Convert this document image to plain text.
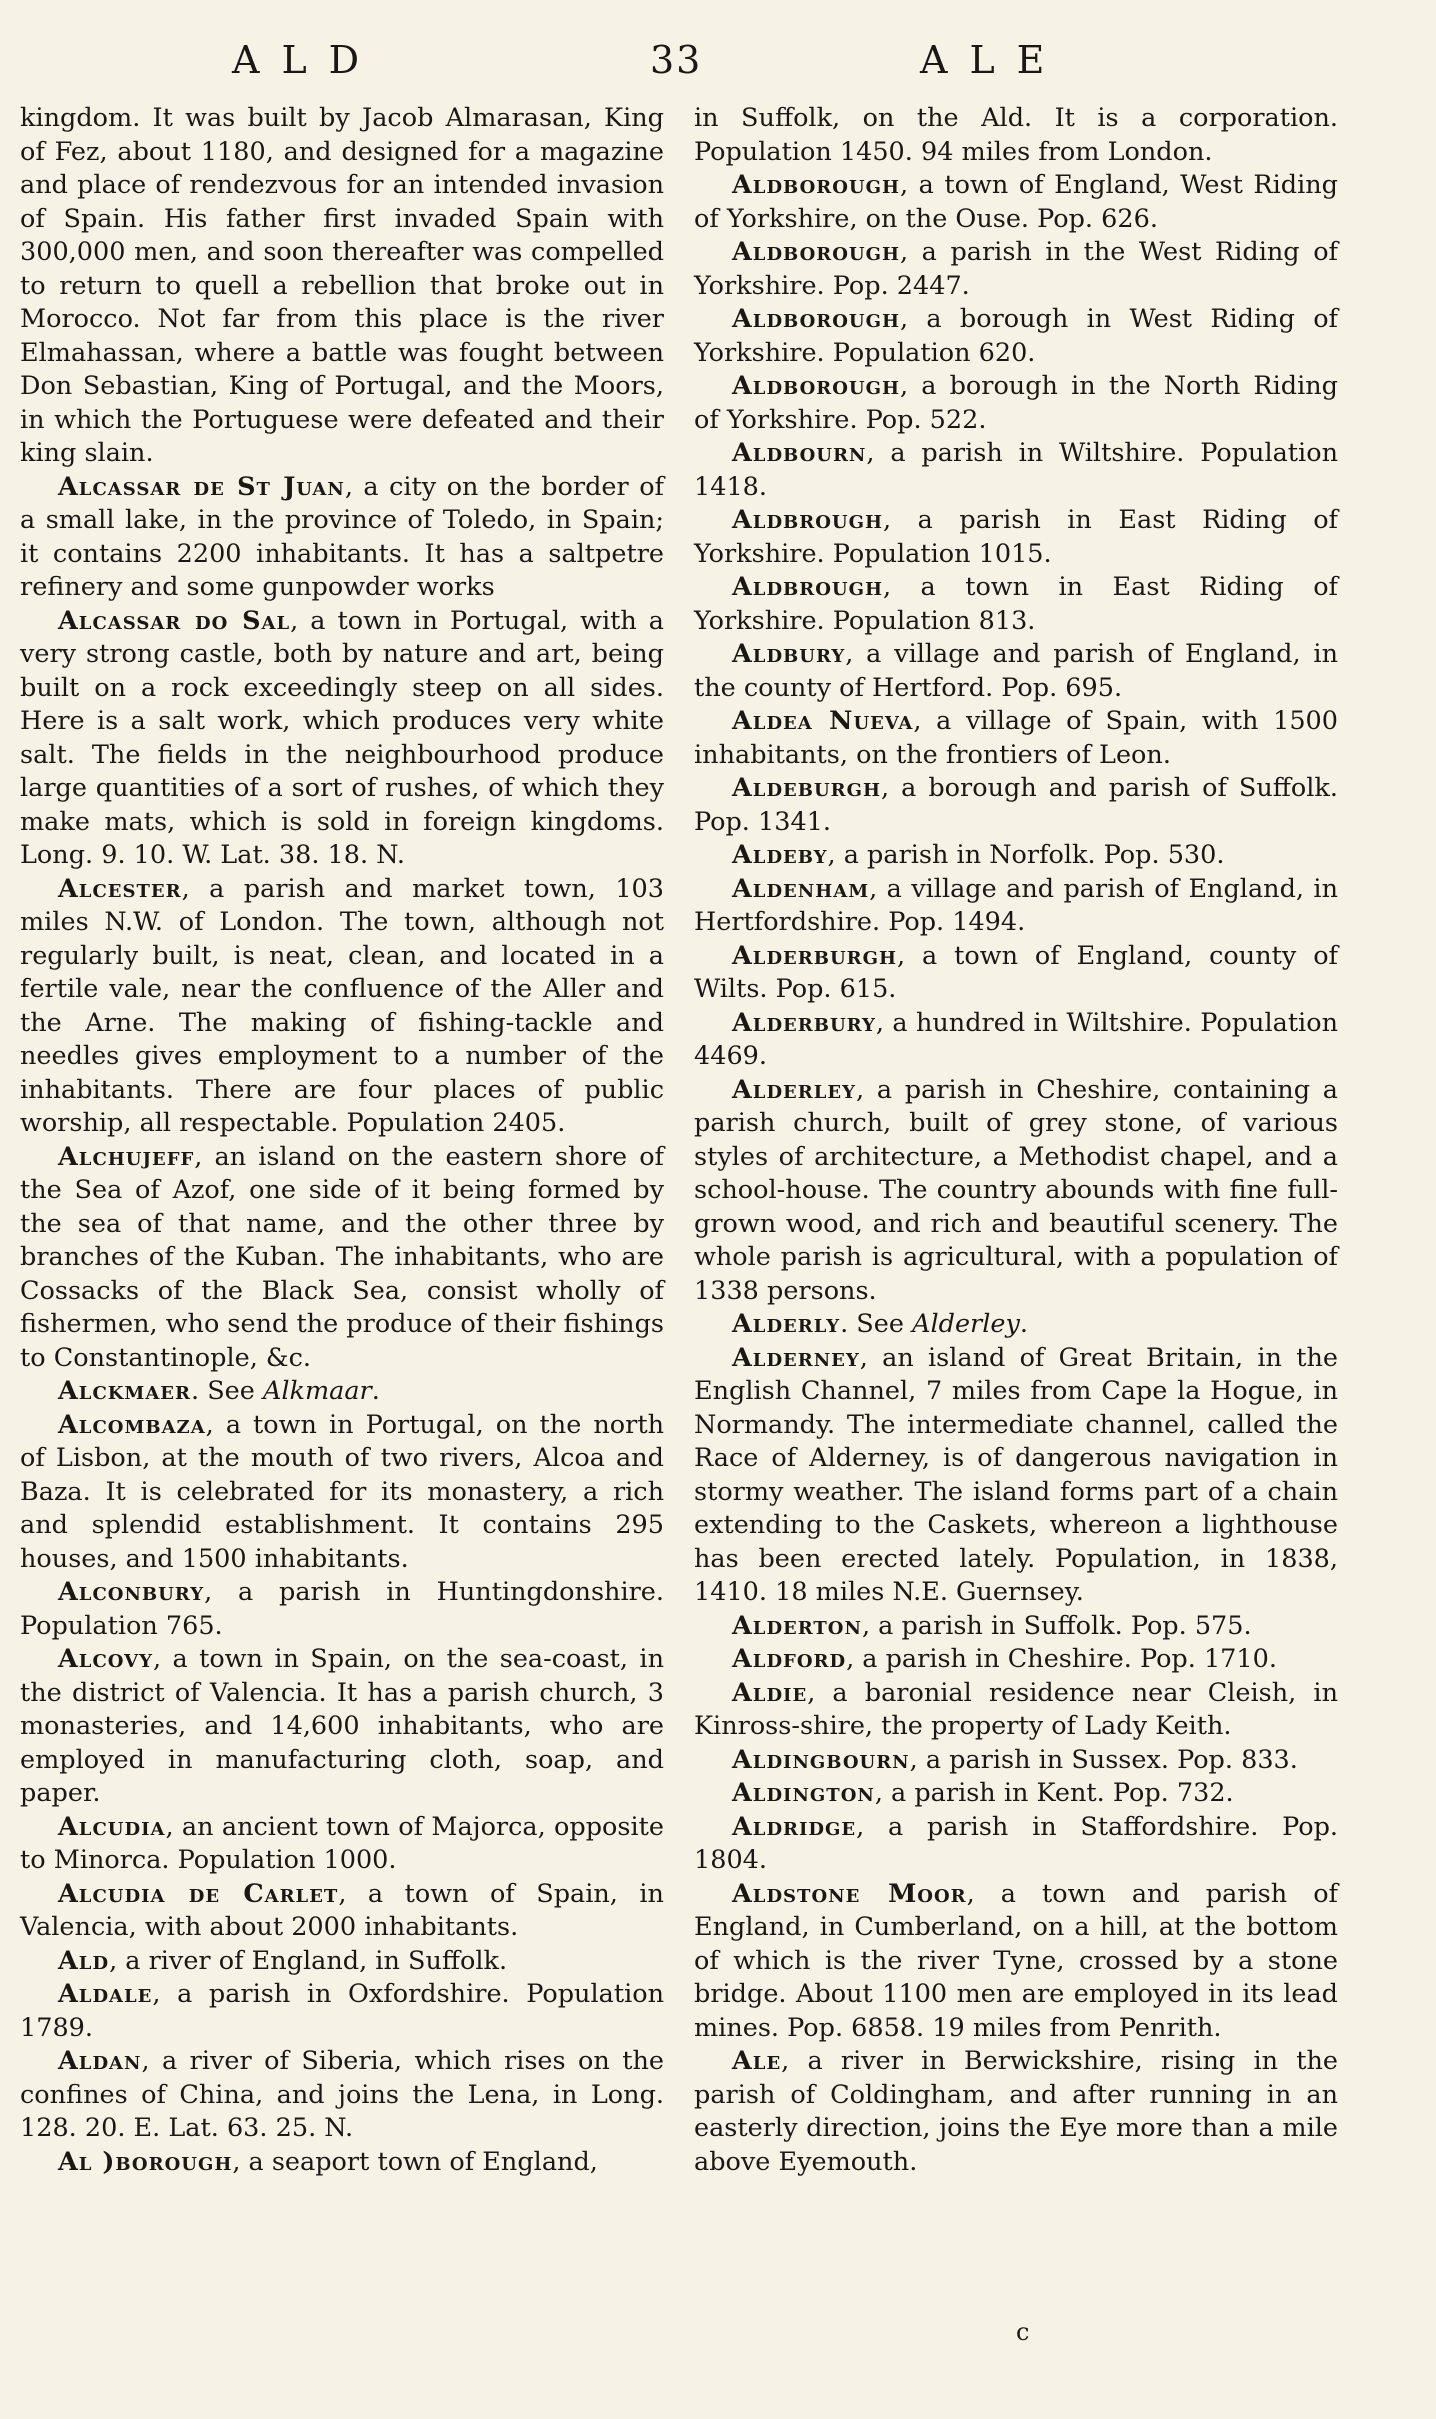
ALD	33	ALE

kingdom. It was built by Jacob Almarasan, King of Fez, about 1180, and designed for a magazine and place of rendezvous for an intended invasion of Spain. His father first invaded Spain with 300,000 men, and soon thereafter was compelled to return to quell a rebellion that broke out in Morocco. Not far from this place is the river Elmahassan, where a battle was fought between Don Sebastian, King of Portugal, and the Moors, in which the Portuguese were defeated and their king slain.

Alcassar de St Juan, a city on the border of a small lake, in the province of Toledo, in Spain; it contains 2200 inhabitants. It has a saltpetre refinery and some gunpowder works

Alcassar do Sal, a town in Portugal, with a very strong castle, both by nature and art, being built on a rock exceedingly steep on all sides. Here is a salt work, which produces very white salt. The fields in the neighbourhood produce large quantities of a sort of rushes, of which they make mats, which is sold in foreign kingdoms. Long. 9. 10. W. Lat. 38. 18. N.

Alcester, a parish and market town, 103 miles N.W. of London. The town, although not regularly built, is neat, clean, and located in a fertile vale, near the confluence of the Aller and the Arne. The making of fishing-tackle and needles gives employment to a number of the inhabitants. There are four places of public worship, all respectable. Population 2405.

Alchujeff, an island on the eastern shore of the Sea of Azof, one side of it being formed by the sea of that name, and the other three by branches of the Kuban. The inhabitants, who are Cossacks of the Black Sea, consist wholly of fishermen, who send the produce of their fishings to Constantinople, &c.

Alckmaer. See Alkmaar.

Alcombaza, a town in Portugal, on the north of Lisbon, at the mouth of two rivers, Alcoa and Baza. It is celebrated for its monastery, a rich and splendid establishment. It contains 295 houses, and 1500 inhabitants.

Alconbury, a parish in Huntingdonshire. Population 765.

Alcovy, a town in Spain, on the sea-coast, in the district of Valencia. It has a parish church, 3 monasteries, and 14,600 inhabitants, who are employed in manufacturing cloth, soap, and paper.

Alcudia, an ancient town of Majorca, opposite to Minorca. Population 1000.

Alcudia de Carlet, a town of Spain, in Valencia, with about 2000 inhabitants.

Ald, a river of England, in Suffolk.

Aldale, a parish in Oxfordshire. Population 1789.

Aldan, a river of Siberia, which rises on the confines of China, and joins the Lena, in Long. 128. 20. E. Lat. 63. 25. N.

Al )borough, a seaport town of England,

in Suffolk, on the Ald. It is a corporation. Population 1450. 94 miles from London.

Aldborough, a town of England, West Riding of Yorkshire, on the Ouse. Pop. 626.

Aldborough, a parish in the West Riding of Yorkshire. Pop. 2447.

Aldborough, a borough in West Riding of Yorkshire. Population 620.

Aldborough, a borough in the North Riding of Yorkshire. Pop. 522.

Aldbourn, a parish in Wiltshire. Population 1418.

Aldbrough, a parish in East Riding of Yorkshire. Population 1015.

Aldbrough, a town in East Riding of Yorkshire. Population 813.

Aldbury, a village and parish of England, in the county of Hertford. Pop. 695.

Aldea Nueva, a village of Spain, with 1500 inhabitants, on the frontiers of Leon.

Aldeburgh, a borough and parish of Suffolk. Pop. 1341.

Aldeby, a parish in Norfolk. Pop. 530.

Aldenham, a village and parish of England, in Hertfordshire. Pop. 1494.

Alderburgh, a town of England, county of Wilts. Pop. 615.

Alderbury, a hundred in Wiltshire. Population 4469.

Alderley, a parish in Cheshire, containing a parish church, built of grey stone, of various styles of architecture, a Methodist chapel, and a school-house. The country abounds with fine full-grown wood, and rich and beautiful scenery. The whole parish is agricultural, with a population of 1338 persons.

Alderly. See Alderley.

Alderney, an island of Great Britain, in the English Channel, 7 miles from Cape la Hogue, in Normandy. The intermediate channel, called the Race of Alderney, is of dangerous navigation in stormy weather. The island forms part of a chain extending to the Caskets, whereon a lighthouse has been erected lately. Population, in 1838, 1410. 18 miles N.E. Guernsey.

Alderton, a parish in Suffolk. Pop. 575.

Aldford, a parish in Cheshire. Pop. 1710.

Aldie, a baronial residence near Cleish, in Kinross-shire, the property of Lady Keith.

Aldingbourn, a parish in Sussex. Pop. 833.

Aldington, a parish in Kent. Pop. 732.

Aldridge, a parish in Staffordshire. Pop. 1804.

Aldstone Moor, a town and parish of England, in Cumberland, on a hill, at the bottom of which is the river Tyne, crossed by a stone bridge. About 1100 men are employed in its lead mines. Pop. 6858. 19 miles from Penrith.

Ale, a river in Berwickshire, rising in the parish of Coldingham, and after running in an easterly direction, joins the Eye more than a mile above Eyemouth.

c
